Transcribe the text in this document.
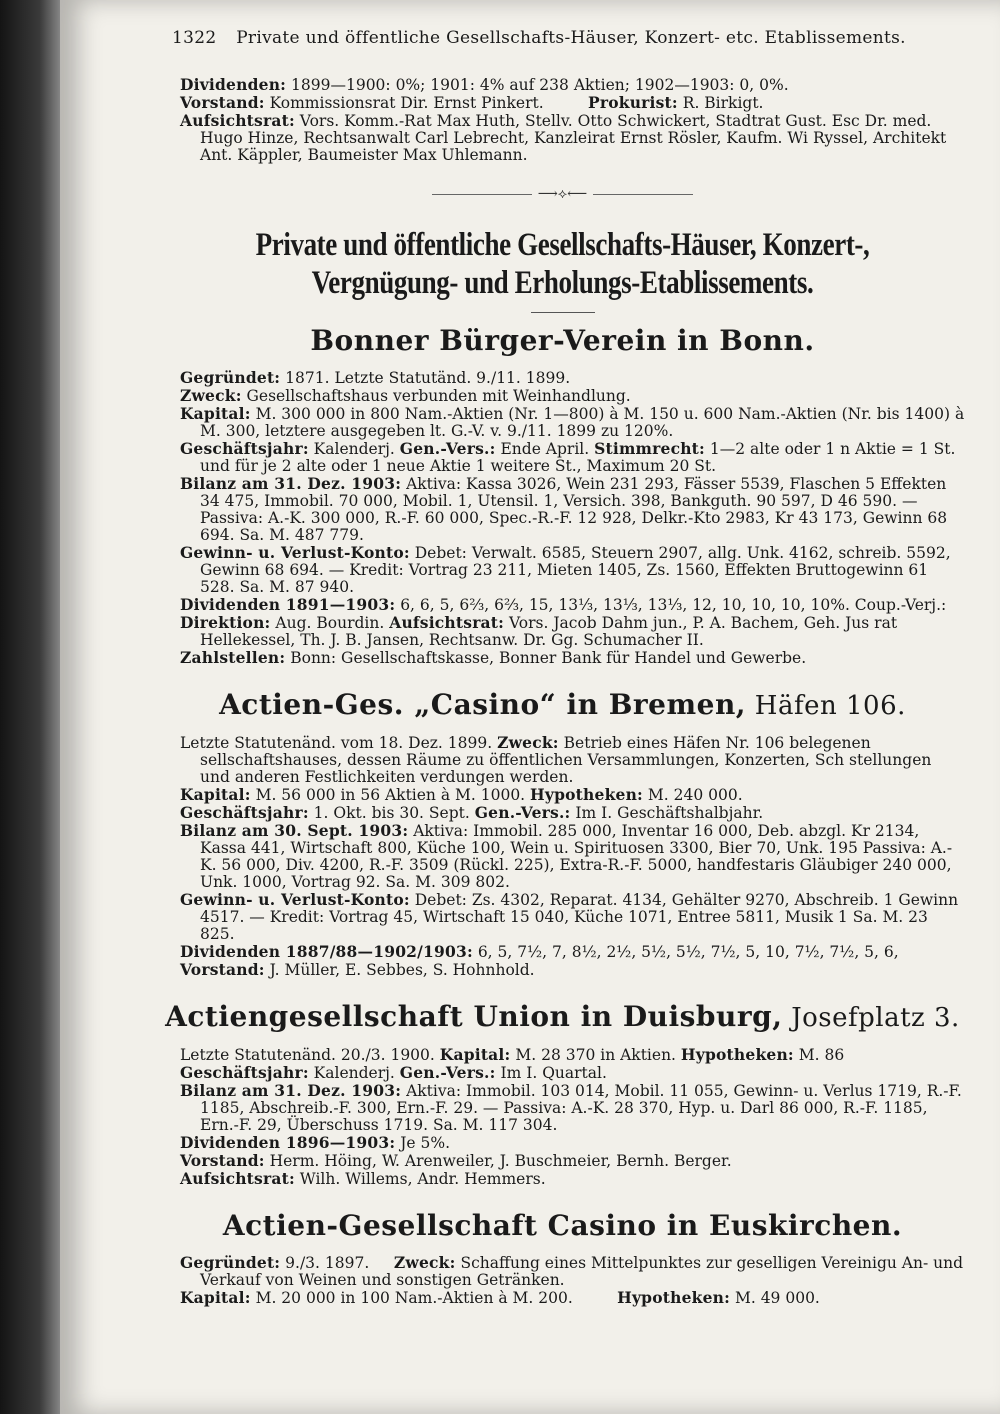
1322 Private und öffentliche Gesellschafts-Häuser, Konzert- etc. Etablissements.

Dividenden: 1899—1900: 0%; 1901: 4% auf 238 Aktien; 1902—1903: 0, 0%.

Vorstand: Kommissionsrat Dir. Ernst Pinkert.	Prokurist: R. Birkigt.

Aufsichtsrat: Vors. Komm.-Rat Max Huth, Stellv. Otto Schwickert, Stadtrat Gust. Esc Dr. med. Hugo Hinze, Rechtsanwalt Carl Lebrecht, Kanzleirat Ernst Rösler, Kaufm. Wi Ryssel, Architekt Ant. Käppler, Baumeister Max Uhlemann.

⟶⟡⟵
Private und öffentliche Gesellschafts-Häuser, Konzert-, Vergnügung- und Erholungs-Etablissements.
Bonner Bürger-Verein in Bonn.

Gegründet: 1871. Letzte Statutänd. 9./11. 1899.

Zweck: Gesellschaftshaus verbunden mit Weinhandlung.

Kapital: M. 300 000 in 800 Nam.-Aktien (Nr. 1—800) à M. 150 u. 600 Nam.-Aktien (Nr. bis 1400) à M. 300, letztere ausgegeben lt. G.-V. v. 9./11. 1899 zu 120%.

Geschäftsjahr: Kalenderj. Gen.-Vers.: Ende April. Stimmrecht: 1—2 alte oder 1 n Aktie = 1 St. und für je 2 alte oder 1 neue Aktie 1 weitere St., Maximum 20 St.

Bilanz am 31. Dez. 1903: Aktiva: Kassa 3026, Wein 231 293, Fässer 5539, Flaschen 5 Effekten 34 475, Immobil. 70 000, Mobil. 1, Utensil. 1, Versich. 398, Bankguth. 90 597, D 46 590. — Passiva: A.-K. 300 000, R.-F. 60 000, Spec.-R.-F. 12 928, Delkr.-Kto 2983, Kr 43 173, Gewinn 68 694. Sa. M. 487 779.

Gewinn- u. Verlust-Konto: Debet: Verwalt. 6585, Steuern 2907, allg. Unk. 4162, schreib. 5592, Gewinn 68 694. — Kredit: Vortrag 23 211, Mieten 1405, Zs. 1560, Effekten Bruttogewinn 61 528. Sa. M. 87 940.

Dividenden 1891—1903: 6, 6, 5, 6⅔, 6⅔, 15, 13⅓, 13⅓, 13⅓, 12, 10, 10, 10, 10%. Coup.-Verj.:

Direktion: Aug. Bourdin. Aufsichtsrat: Vors. Jacob Dahm jun., P. A. Bachem, Geh. Jus rat Hellekessel, Th. J. B. Jansen, Rechtsanw. Dr. Gg. Schumacher II.

Zahlstellen: Bonn: Gesellschaftskasse, Bonner Bank für Handel und Gewerbe.

Actien-Ges. „Casino“ in Bremen, Häfen 106.

Letzte Statutenänd. vom 18. Dez. 1899. Zweck: Betrieb eines Häfen Nr. 106 belegenen sellschaftshauses, dessen Räume zu öffentlichen Versammlungen, Konzerten, Sch stellungen und anderen Festlichkeiten verdungen werden.

Kapital: M. 56 000 in 56 Aktien à M. 1000. Hypotheken: M. 240 000.

Geschäftsjahr: 1. Okt. bis 30. Sept. Gen.-Vers.: Im I. Geschäftshalbjahr.

Bilanz am 30. Sept. 1903: Aktiva: Immobil. 285 000, Inventar 16 000, Deb. abzgl. Kr 2134, Kassa 441, Wirtschaft 800, Küche 100, Wein u. Spirituosen 3300, Bier 70, Unk. 195 Passiva: A.-K. 56 000, Div. 4200, R.-F. 3509 (Rückl. 225), Extra-R.-F. 5000, handfestaris Gläubiger 240 000, Unk. 1000, Vortrag 92. Sa. M. 309 802.

Gewinn- u. Verlust-Konto: Debet: Zs. 4302, Reparat. 4134, Gehälter 9270, Abschreib. 1 Gewinn 4517. — Kredit: Vortrag 45, Wirtschaft 15 040, Küche 1071, Entree 5811, Musik 1 Sa. M. 23 825.

Dividenden 1887/88—1902/1903: 6, 5, 7½, 7, 8½, 2½, 5½, 5½, 7½, 5, 10, 7½, 7½, 5, 6,

Vorstand: J. Müller, E. Sebbes, S. Hohnhold.

Actiengesellschaft Union in Duisburg, Josefplatz 3.

Letzte Statutenänd. 20./3. 1900. Kapital: M. 28 370 in Aktien. Hypotheken: M. 86

Geschäftsjahr: Kalenderj. Gen.-Vers.: Im I. Quartal.

Bilanz am 31. Dez. 1903: Aktiva: Immobil. 103 014, Mobil. 11 055, Gewinn- u. Verlus 1719, R.-F. 1185, Abschreib.-F. 300, Ern.-F. 29. — Passiva: A.-K. 28 370, Hyp. u. Darl 86 000, R.-F. 1185, Ern.-F. 29, Überschuss 1719. Sa. M. 117 304.

Dividenden 1896—1903: Je 5%.

Vorstand: Herm. Höing, W. Arenweiler, J. Buschmeier, Bernh. Berger.

Aufsichtsrat: Wilh. Willems, Andr. Hemmers.

Actien-Gesellschaft Casino in Euskirchen.

Gegründet: 9./3. 1897. Zweck: Schaffung eines Mittelpunktes zur geselligen Vereinigu An- und Verkauf von Weinen und sonstigen Getränken.

Kapital: M. 20 000 in 100 Nam.-Aktien à M. 200.	Hypotheken: M. 49 000.
